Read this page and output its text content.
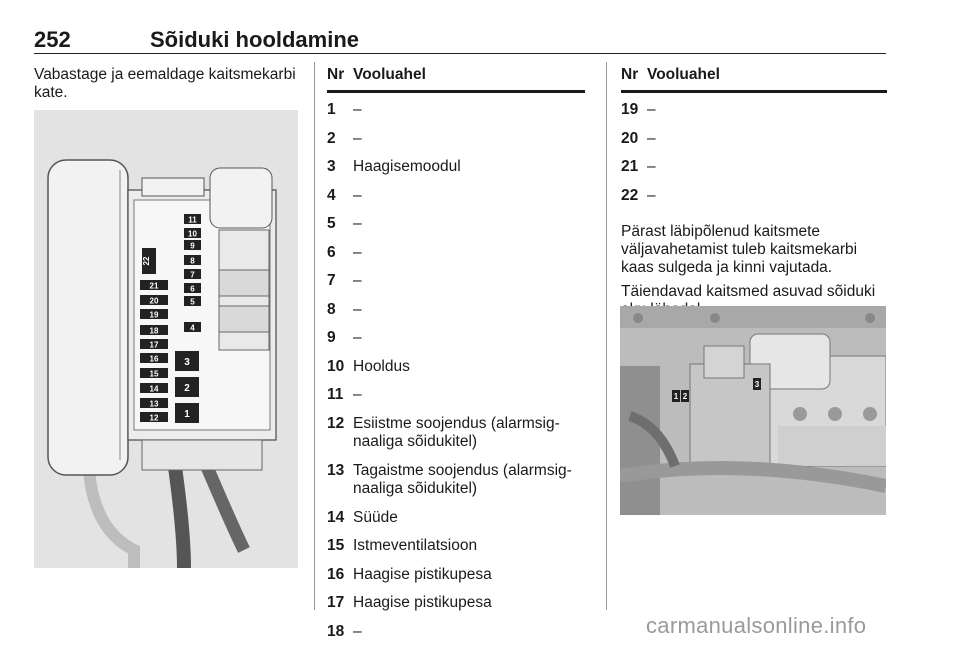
252	Sõiduki hooldamine
Vabastage ja eemaldage kaitsmekarbi kate.
11
10
9
8
7
6
5
4
3
2
1
22
21
20
19
18
17
16
15
14
13
12
Nr Vooluahel
1 –
2 –
3 Haagisemoodul
4 –
5 –
6 –
7 –
8 –
9 –
10 Hooldus
11 –
12 Esiistme soojendus (alarmsig-naaliga sõidukitel)
13 Tagaistme soojendus (alarmsig-naaliga sõidukitel)
14 Süüde
15 Istmeventilatsioon
16 Haagise pistikupesa
17 Haagise pistikupesa
18 –
Nr Vooluahel
19 –
20 –
21 –
22 –

Pärast läbipõlenud kaitsmete väljavahetamist tuleb kaitsmekarbi kaas sulgeda ja kinni vajutada.

Täiendavad kaitsmed asuvad sõiduki

1 2
3
carmanualsonline.info
